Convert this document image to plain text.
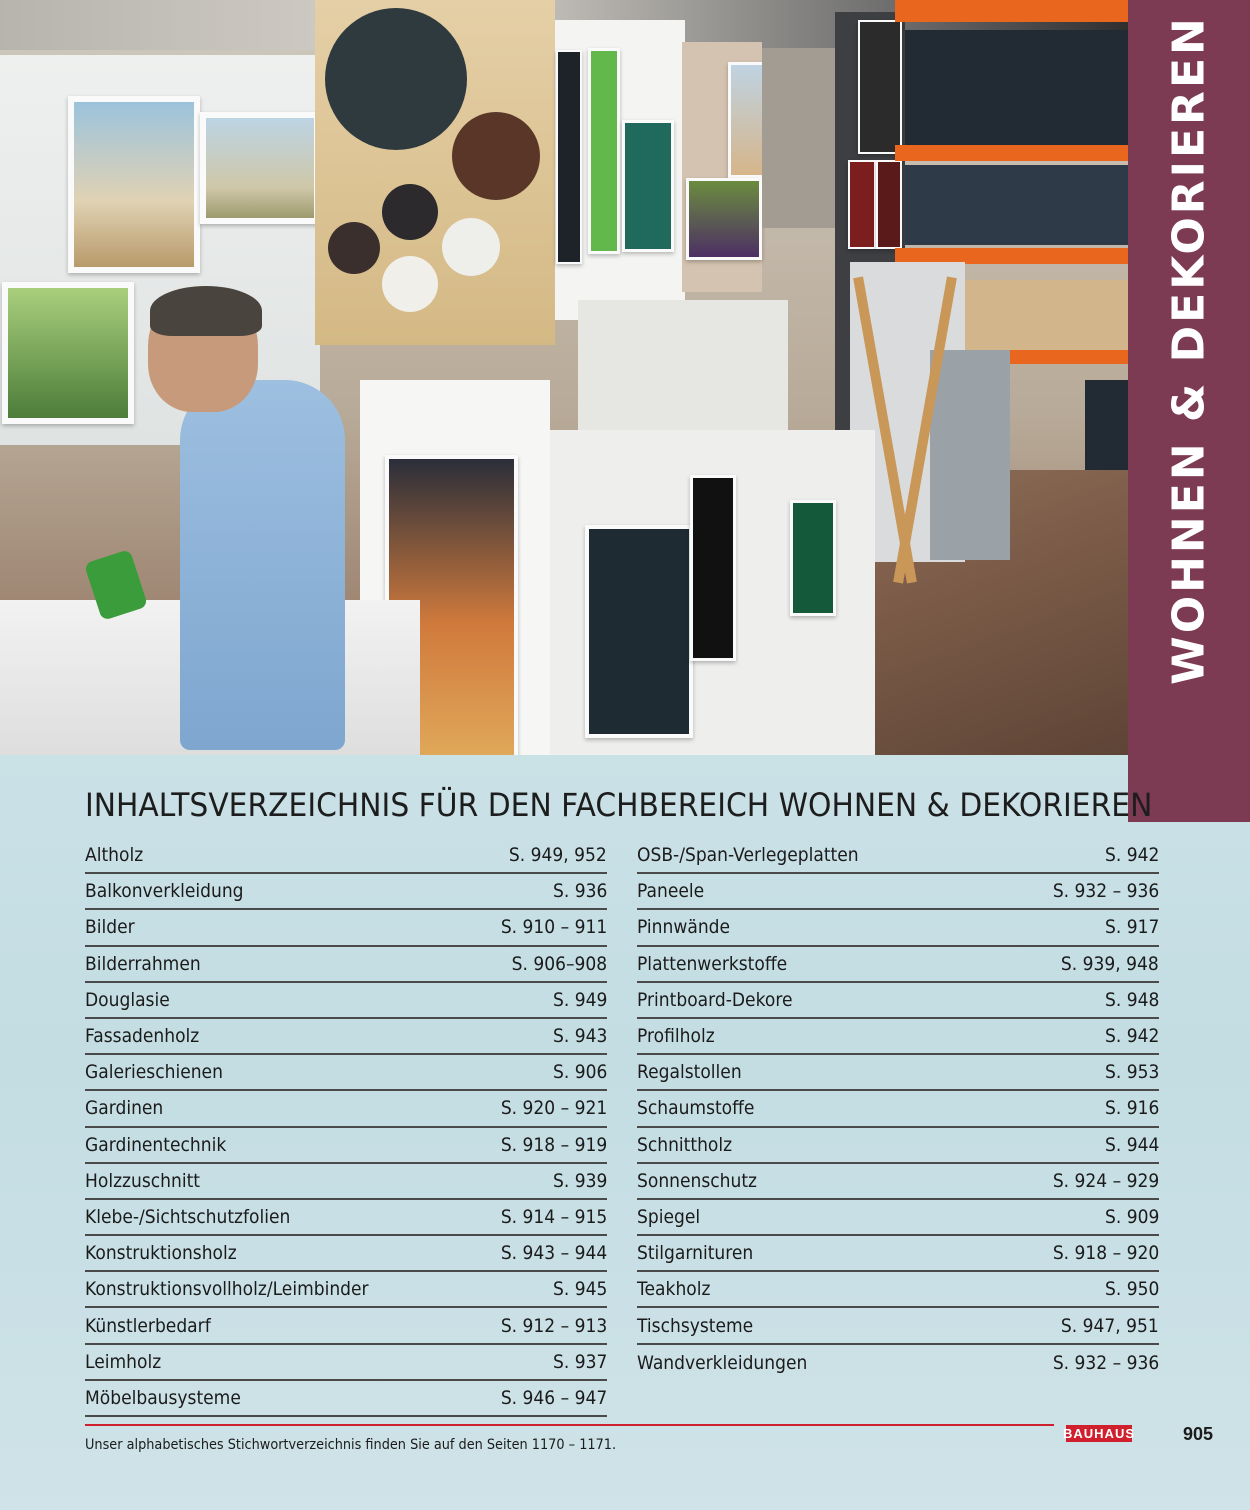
WOHNEN & DEKORIEREN
INHALTSVERZEICHNIS FÜR DEN FACHBEREICH WOHNEN & DEKORIEREN
Altholz	S. 949, 952
Balkonverkleidung	S. 936
Bilder	S. 910 – 911
Bilderrahmen	S. 906–908
Douglasie	S. 949
Fassadenholz	S. 943
Galerieschienen	S. 906
Gardinen	S. 920 – 921
Gardinentechnik	S. 918 – 919
Holzzuschnitt	S. 939
Klebe-/Sichtschutzfolien	S. 914 – 915
Konstruktionsholz	S. 943 – 944
Konstruktionsvollholz/Leimbinder	S. 945
Künstlerbedarf	S. 912 – 913
Leimholz	S. 937
Möbelbausysteme	S. 946 – 947
OSB-/Span-Verlegeplatten	S. 942
Paneele	S. 932 – 936
Pinnwände	S. 917
Plattenwerkstoffe	S. 939, 948
Printboard-Dekore	S. 948
Profilholz	S. 942
Regalstollen	S. 953
Schaumstoffe	S. 916
Schnittholz	S. 944
Sonnenschutz	S. 924 – 929
Spiegel	S. 909
Stilgarnituren	S. 918 – 920
Teakholz	S. 950
Tischsysteme	S. 947, 951
Wandverkleidungen	S. 932 – 936
Unser alphabetisches Stichwortverzeichnis finden Sie auf den Seiten 1170 – 1171.
BAUHAUS	905
